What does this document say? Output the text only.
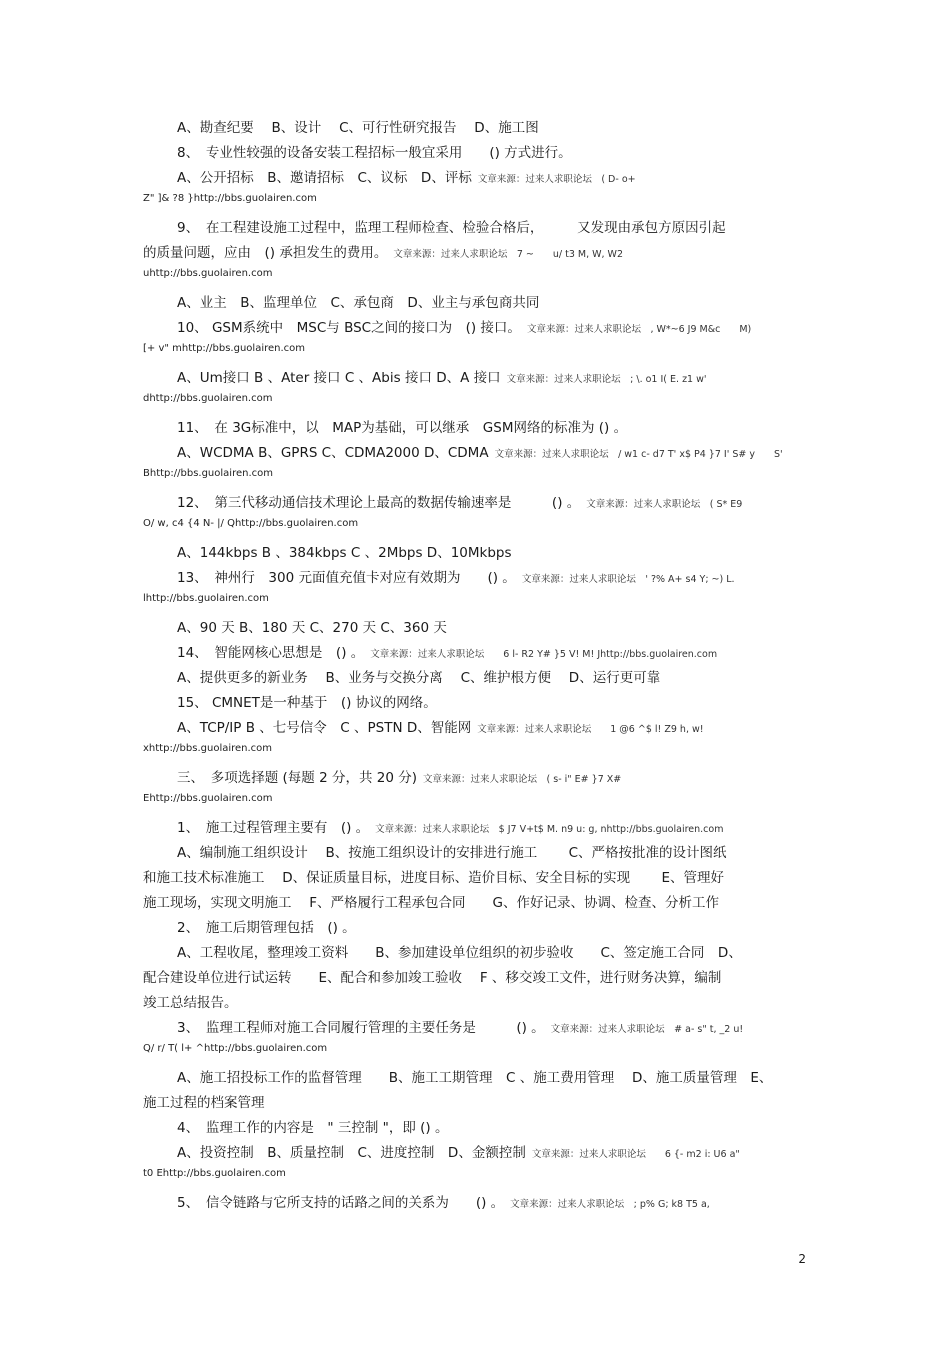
A、勘查纪要　 B、设计　 C、可行性研究报告　 D、施工图
8、　专业性较强的设备安装工程招标一般宜采用　　() 方式进行。
A、公开招标　B、邀请招标　C、议标　D、评标 文章来源：过来人求职论坛　( D- o+
Z" ]& ?8 }http://bbs.guolairen.com
9、　在工程建设施工过程中，监理工程师检查、检验合格后，　　　又发现由承包方原因引起
的质量问题，应由　() 承担发生的费用。 文章来源：过来人求职论坛　7 ~　　u/ t3 M, W, W2
uhttp://bbs.guolairen.com
A、业主　B、监理单位　C、承包商　D、业主与承包商共同
10、 GSM系统中　MSC与 BSC之间的接口为　() 接口。 文章来源：过来人求职论坛　, W*~6 J9 M&c　　M)
[+ v" mhttp://bbs.guolairen.com
A、Um接口 B 、Ater 接口 C 、Abis 接口 D、A 接口 文章来源：过来人求职论坛　; \. o1 I( E. z1 w'
dhttp://bbs.guolairen.com
11、　在 3G标准中，以　MAP为基础，可以继承　GSM网络的标准为 () 。
A、WCDMA B、GPRS C、CDMA2000 D、CDMA 文章来源：过来人求职论坛　/ w1 c- d7 T' x$ P4 }7 I' S# y　　S'
Bhttp://bbs.guolairen.com
12、　第三代移动通信技术理论上最高的数据传输速率是　　　() 。 文章来源：过来人求职论坛　( S* E9
O/ w, c4 {4 N- |/ Qhttp://bbs.guolairen.com
A、144kbps B 、384kbps C 、2Mbps D、10Mkbps
13、　神州行　300 元面值充值卡对应有效期为　　() 。 文章来源：过来人求职论坛　' ?% A+ s4 Y; ~) L.
lhttp://bbs.guolairen.com
A、90 天 B、180 天 C、270 天 C、360 天
14、　智能网核心思想是　() 。 文章来源：过来人求职论坛　　6 l- R2 Y# }5 V! M! Jhttp://bbs.guolairen.com
A、提供更多的新业务　 B、业务与交换分离　 C、维护根方便　 D、运行更可靠
15、 CMNET是一种基于　() 协议的网络。
A、TCP/IP B 、七号信令　C 、PSTN D、智能网 文章来源：过来人求职论坛　　1 @6 ^$ l! Z9 h, w!
xhttp://bbs.guolairen.com
三、　多项选择题 (每题 2 分，共 20 分) 文章来源：过来人求职论坛　( s- i" E# }7 X#
Ehttp://bbs.guolairen.com
1、　施工过程管理主要有　() 。 文章来源：过来人求职论坛　$ J7 V+t$ M. n9 u: g, nhttp://bbs.guolairen.com
A、编制施工组织设计　 B、按施工组织设计的安排进行施工　　 C、严格按批准的设计图纸
和施工技术标准施工　 D、保证质量目标，进度目标、造价目标、安全目标的实现　　 E、管理好
施工现场，实现文明施工　 F、严格履行工程承包合同　　G、作好记录、协调、检查、分析工作
2、　施工后期管理包括　() 。
A、工程收尾，整理竣工资料　　B、参加建设单位组织的初步验收　　C、签定施工合同　D、
配合建设单位进行试运转　　E、配合和参加竣工验收　 F 、移交竣工文件，进行财务决算，编制
竣工总结报告。
3、　监理工程师对施工合同履行管理的主要任务是　　　() 。 文章来源：过来人求职论坛　# a- s" t, _2 u!
Q/ r/ T( l+ ^http://bbs.guolairen.com
A、施工招投标工作的监督管理　　B、施工工期管理　C 、施工费用管理　 D、施工质量管理　E、
施工过程的档案管理
4、　监理工作的内容是　" 三控制 "，即 () 。
A、投资控制　B、质量控制　C、进度控制　D、金额控制 文章来源：过来人求职论坛　　6 {- m2 i: U6 a"
t0 Ehttp://bbs.guolairen.com
5、　信令链路与它所支持的话路之间的关系为　　() 。 文章来源：过来人求职论坛　; p% G; k8 T5 a,
2
